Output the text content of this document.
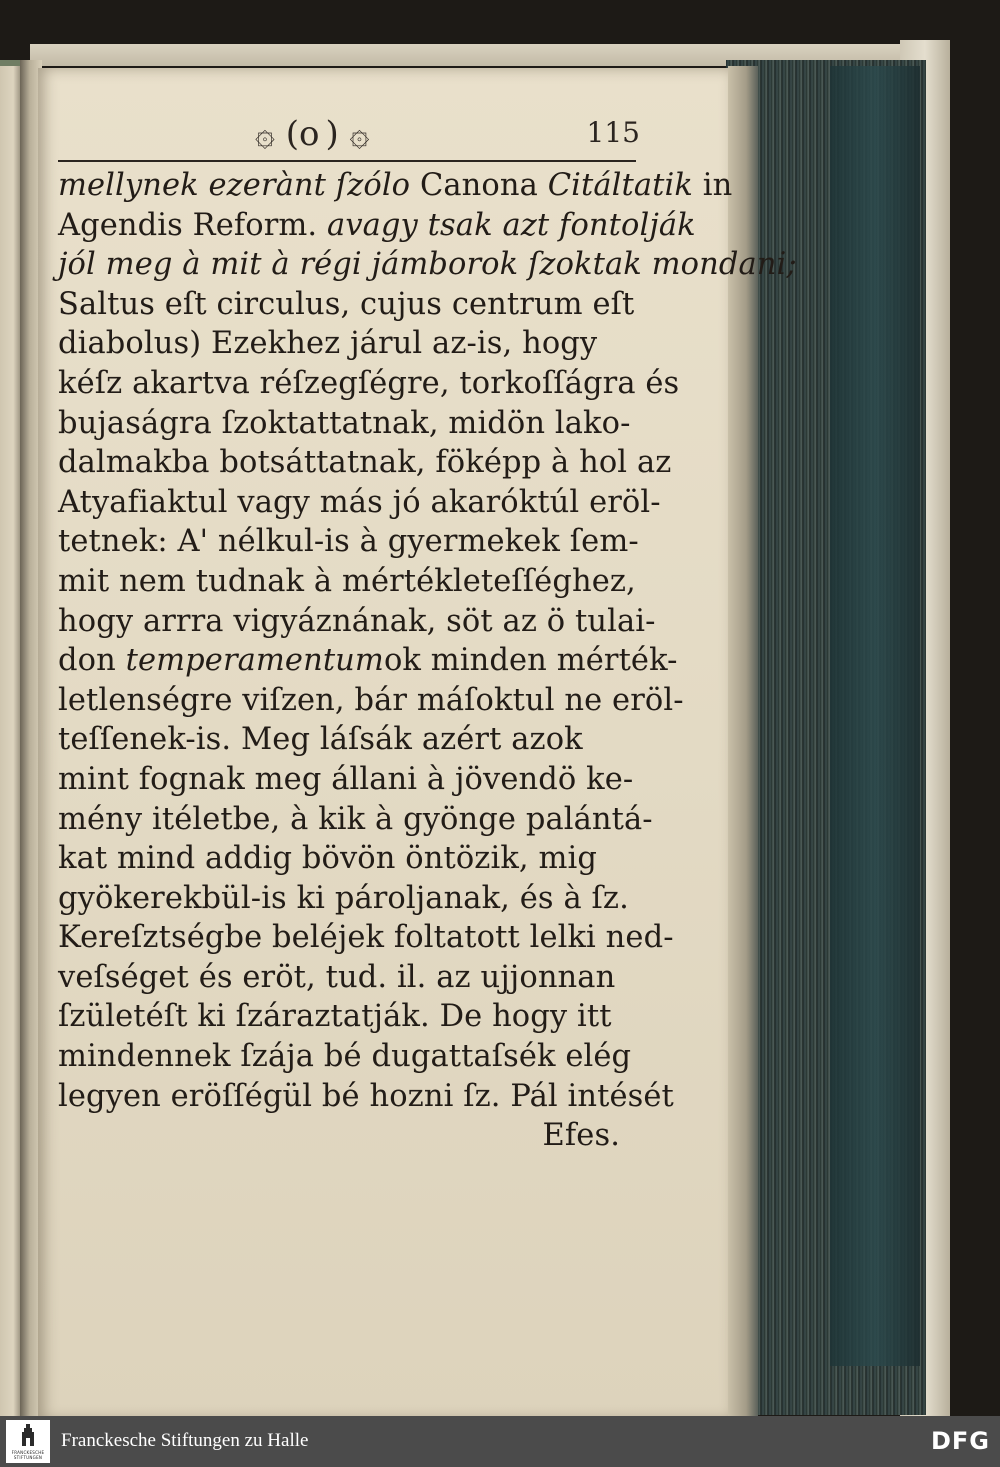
۞ (o) ۞	115
mellynek ezerànt ſzólo Canona Citáltatik in
Agendis Reform. avagy tsak azt fontolják
jól meg à mit à régi jámborok ſzoktak mondani;
Saltus eſt circulus, cujus centrum eſt
diabolus) Ezekhez járul az-is, hogy
kéſz akartva réſzegſégre, torkoſſágra és
bujaságra ſzoktattatnak, midön lako-
dalmakba botsáttatnak, föképp à hol az
Atyafiaktul vagy más jó akaróktúl eröl-
tetnek: A' nélkul-is à gyermekek ſem-
mit nem tudnak à mértékleteſſéghez,
hogy arrra vigyáznának, söt az ö tulai-
don temperamentumok minden mérték-
letlenségre viſzen, bár máſoktul ne eröl-
teſſenek-is. Meg láſsák azért azok
mint fognak meg állani à jövendö ke-
mény itéletbe, à kik à gyönge palántá-
kat mind addig bövön öntözik, mig
gyökerekbül-is ki pároljanak, és à ſz.
Kereſztségbe beléjek foltatott lelki ned-
veſséget és eröt, tud. il. az ujjonnan
ſzületéſt ki ſzáraztatják. De hogy itt
mindennek ſzája bé dugattaſsék elég
legyen eröſſégül bé hozni ſz. Pál intését
Efes.
FRANCKESCHE STIFTUNGEN
Franckesche Stiftungen zu Halle	DFG
